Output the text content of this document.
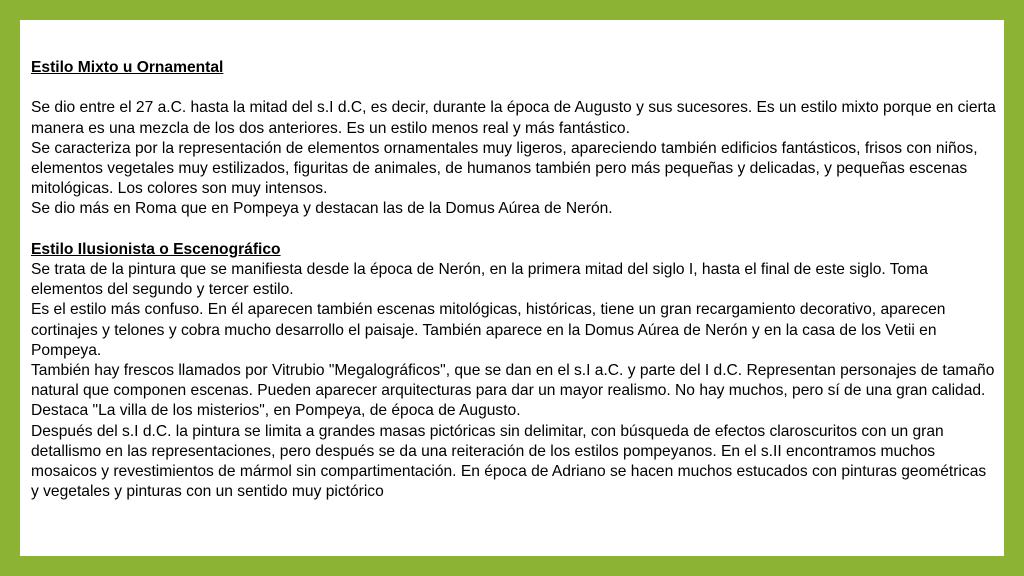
Estilo Mixto u Ornamental

Se dio entre el 27 a.C. hasta la mitad del s.I d.C, es decir, durante la época de Augusto y sus sucesores. Es un estilo mixto porque en cierta manera es una mezcla de los dos anteriores. Es un estilo menos real y más fantástico.

Se caracteriza por la representación de elementos ornamentales muy ligeros, apareciendo también edificios fantásticos, frisos con niños, elementos vegetales muy estilizados, figuritas de animales, de humanos también pero más pequeñas y delicadas, y pequeñas escenas mitológicas. Los colores son muy intensos.

Se dio más en Roma que en Pompeya y destacan las de la Domus Aúrea de Nerón.

Estilo Ilusionista o Escenográfico

Se trata de la pintura que se manifiesta desde la época de Nerón, en la primera mitad del siglo I, hasta el final de este siglo. Toma elementos del segundo y tercer estilo.

Es el estilo más confuso. En él aparecen también escenas mitológicas, históricas, tiene un gran recargamiento decorativo, aparecen cortinajes y telones y cobra mucho desarrollo el paisaje. También aparece en la Domus Aúrea de Nerón y en la casa de los Vetii en Pompeya.

También hay frescos llamados por Vitrubio "Megalográficos", que se dan en el s.I a.C. y parte del I d.C. Representan personajes de tamaño natural que componen escenas. Pueden aparecer arquitecturas para dar un mayor realismo. No hay muchos, pero sí de una gran calidad. Destaca "La villa de los misterios", en Pompeya, de época de Augusto.

Después del s.I d.C. la pintura se limita a grandes masas pictóricas sin delimitar, con búsqueda de efectos claroscuritos con un gran detallismo en las representaciones, pero después se da una reiteración de los estilos pompeyanos. En el s.II encontramos muchos mosaicos y revestimientos de mármol sin compartimentación. En época de Adriano se hacen muchos estucados con pinturas geométricas y vegetales y pinturas con un sentido muy pictórico
